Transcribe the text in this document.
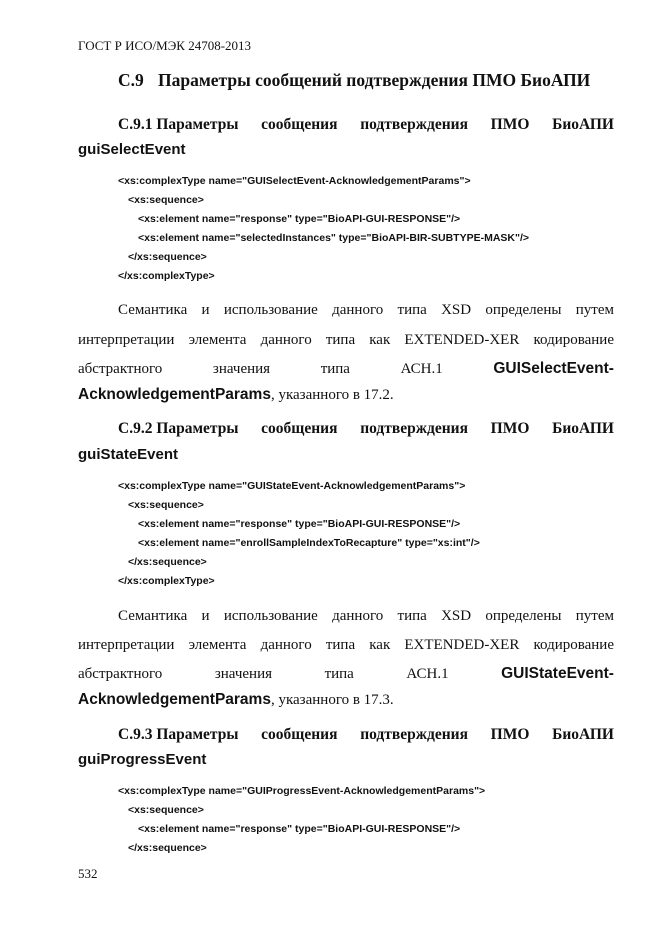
ГОСТ Р ИСО/МЭК 24708-2013
C.9 Параметры сообщений подтверждения ПМО БиоАПИ
C.9.1 Параметры сообщения подтверждения ПМО БиоАПИ
guiSelectEvent
<xs:complexType name="GUISelectEvent-AcknowledgementParams">
<xs:sequence>
<xs:element name="response" type="BioAPI-GUI-RESPONSE"/>
<xs:element name="selectedInstances" type="BioAPI-BIR-SUBTYPE-MASK"/>
</xs:sequence>
</xs:complexType>
Семантика и использование данного типа XSD определены путем
интерпретации элемента данного типа как EXTENDED-XER кодирование
абстрактного	значения	типа	АСН.1	GUISelectEvent-
AcknowledgementParams, указанного в 17.2.
C.9.2 Параметры сообщения подтверждения ПМО БиоАПИ
guiStateEvent
<xs:complexType name="GUIStateEvent-AcknowledgementParams">
<xs:sequence>
<xs:element name="response" type="BioAPI-GUI-RESPONSE"/>
<xs:element name="enrollSampleIndexToRecapture" type="xs:int"/>
</xs:sequence>
</xs:complexType>
Семантика и использование данного типа XSD определены путем
интерпретации элемента данного типа как EXTENDED-XER кодирование
абстрактного	значения	типа	АСН.1	GUIStateEvent-
AcknowledgementParams, указанного в 17.3.
C.9.3 Параметры сообщения подтверждения ПМО БиоАПИ
guiProgressEvent
<xs:complexType name="GUIProgressEvent-AcknowledgementParams">
<xs:sequence>
<xs:element name="response" type="BioAPI-GUI-RESPONSE"/>
</xs:sequence>
532
